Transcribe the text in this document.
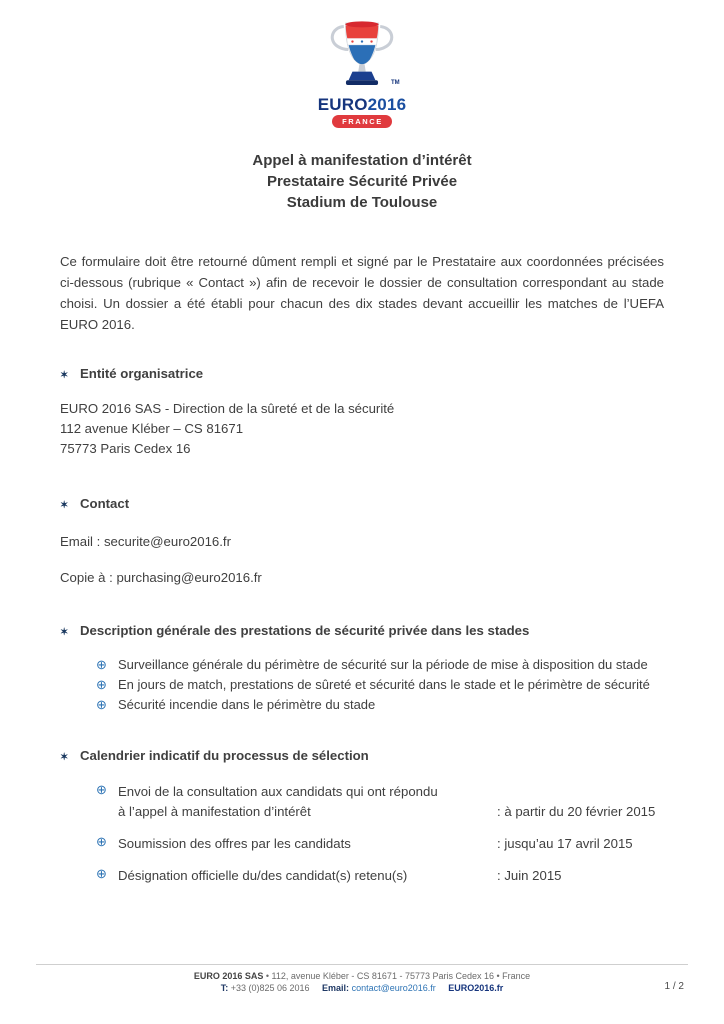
TM
EURO2016
FRANCE
Appel à manifestation d’intérêt
Prestataire Sécurité Privée
Stadium de Toulouse

Ce formulaire doit être retourné dûment rempli et signé par le Prestataire aux coordonnées précisées ci-dessous (rubrique « Contact ») afin de recevoir le dossier de consultation correspondant au stade choisi. Un dossier a été établi pour chacun des dix stades devant accueillir les matches de l’UEFA EURO 2016.

✶ Entité organisatrice

EURO 2016 SAS - Direction de la sûreté et de la sécurité

112 avenue Kléber – CS 81671

75773 Paris Cedex 16

✶ Contact

Email : securite@euro2016.fr

Copie à : purchasing@euro2016.fr

✶ Description générale des prestations de sécurité privée dans les stades
⊕ Surveillance générale du périmètre de sécurité sur la période de mise à disposition du stade
⊕ En jours de match, prestations de sûreté et sécurité dans le stade et le périmètre de sécurité
⊕ Sécurité incendie dans le périmètre du stade
✶ Calendrier indicatif du processus de sélection
⊕ Envoi de la consultation aux candidats qui ont répondu à l’appel à manifestation d’intérêt	: à partir du 20 février 2015
⊕ Soumission des offres par les candidats	: jusqu’au 17 avril 2015
⊕ Désignation officielle du/des candidat(s) retenu(s)	: Juin 2015
EURO 2016 SAS • 112, avenue Kléber - CS 81671 - 75773 Paris Cedex 16 • France
T: +33 (0)825 06 2016 Email: contact@euro2016.fr EURO2016.fr	1 / 2
